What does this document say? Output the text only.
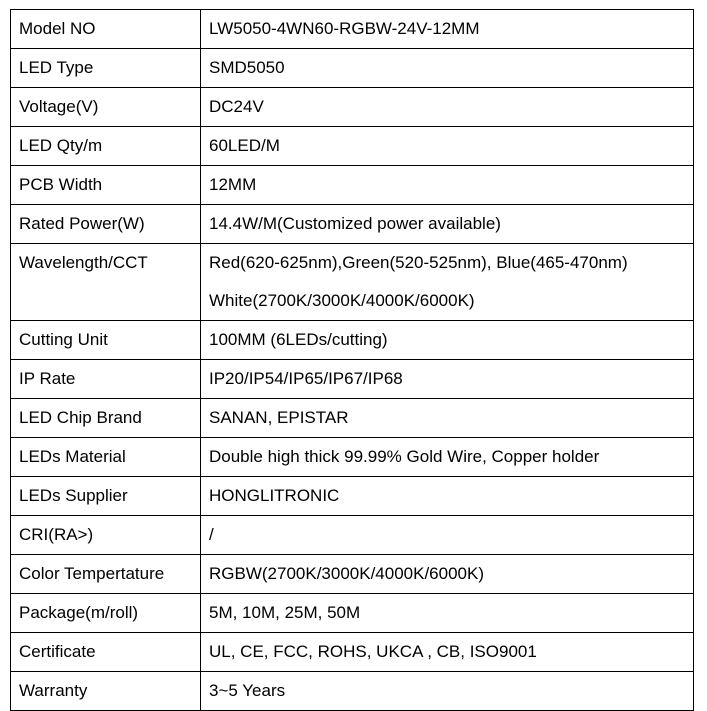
Model NO	LW5050-4WN60-RGBW-24V-12MM

LED Type	SMD5050

Voltage(V)	DC24V

LED Qty/m	60LED/M

PCB Width	12MM

Rated Power(W)	14.4W/M(Customized power available)

Wavelength/CCT	Red(620-625nm),Green(520-525nm), Blue(465-470nm)
White(2700K/3000K/4000K/6000K)

Cutting Unit	100MM (6LEDs/cutting)

IP Rate	IP20/IP54/IP65/IP67/IP68

LED Chip Brand	SANAN, EPISTAR

LEDs Material	Double high thick 99.99% Gold Wire, Copper holder

LEDs Supplier	HONGLITRONIC

CRI(RA>)	/

Color Tempertature	RGBW(2700K/3000K/4000K/6000K)

Package(m/roll)	5M, 10M, 25M, 50M

Certificate	UL, CE, FCC, ROHS, UKCA , CB, ISO9001

Warranty	3~5 Years
